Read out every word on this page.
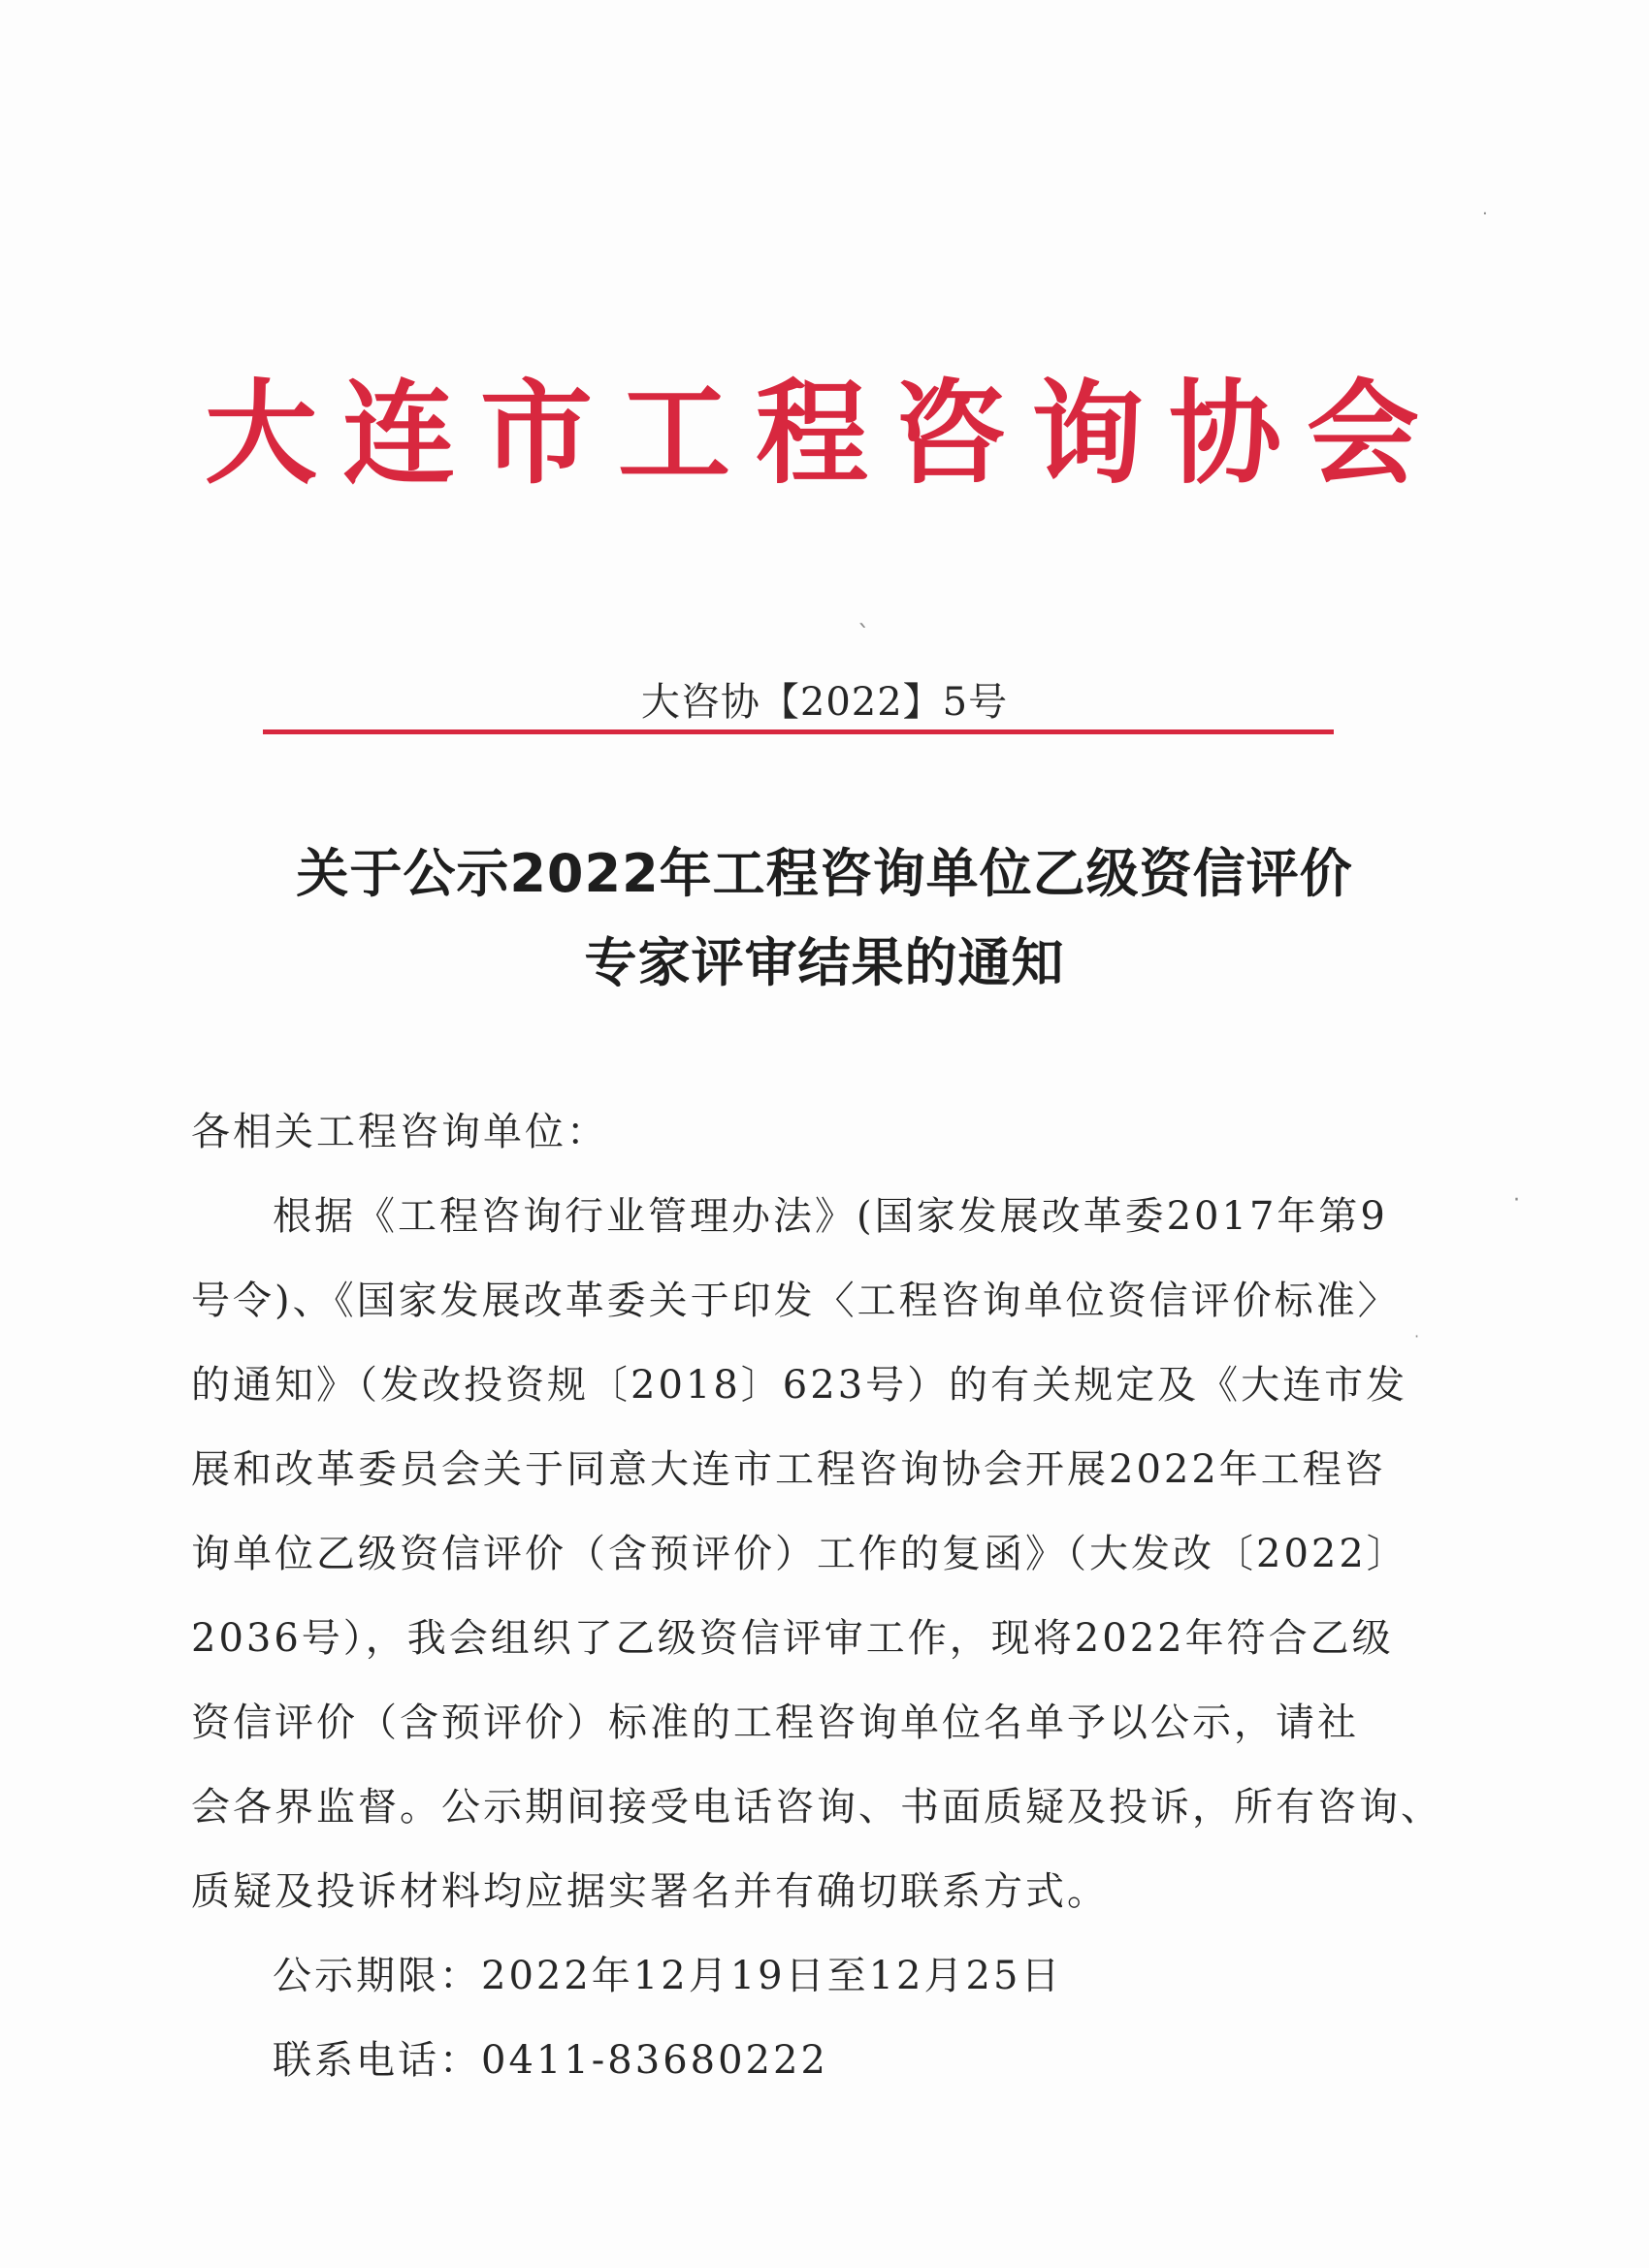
大连市工程咨询协会
大咨协【2022】5号
关于公示2022年工程咨询单位乙级资信评价
专家评审结果的通知
各相关工程咨询单位：
根据《工程咨询行业管理办法》(国家发展改革委2017年第9
号令)、《国家发展改革委关于印发〈工程咨询单位资信评价标准〉
的通知》（发改投资规〔2018〕623号）的有关规定及《大连市发
展和改革委员会关于同意大连市工程咨询协会开展2022年工程咨
询单位乙级资信评价（含预评价）工作的复函》（大发改〔2022〕
2036号），我会组织了乙级资信评审工作，现将2022年符合乙级
资信评价（含预评价）标准的工程咨询单位名单予以公示，请社
会各界监督。公示期间接受电话咨询、书面质疑及投诉，所有咨询、
质疑及投诉材料均应据实署名并有确切联系方式。
公示期限：2022年12月19日至12月25日
联系电话：0411-83680222
·
ˎ
·
·
